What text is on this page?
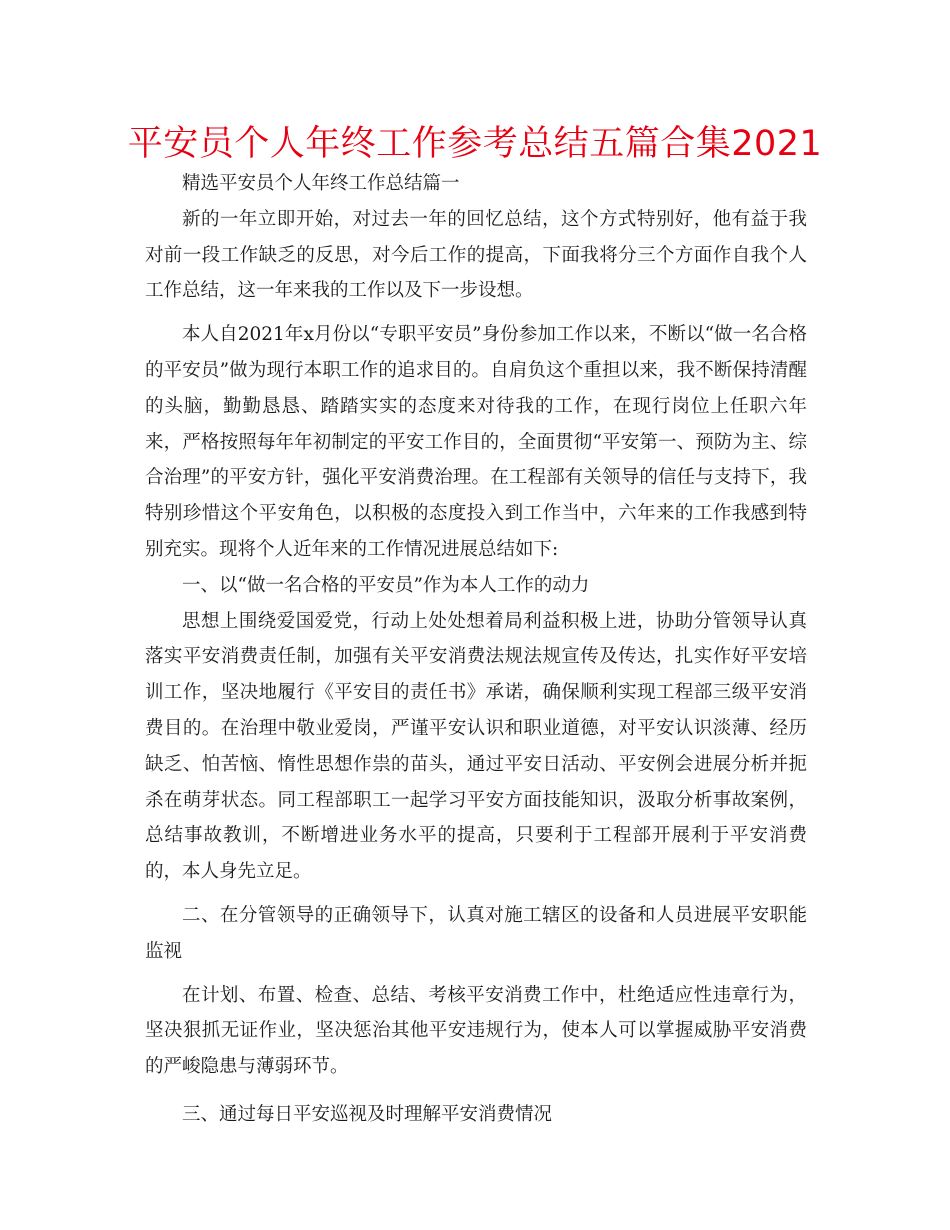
平安员个人年终工作参考总结五篇合集2021

精选平安员个人年终工作总结篇一

新的一年立即开始，对过去一年的回忆总结，这个方式特别好，他有益于我对前一段工作缺乏的反思，对今后工作的提高，下面我将分三个方面作自我个人工作总结，这一年来我的工作以及下一步设想。

本人自2021年x月份以“专职平安员”身份参加工作以来，不断以“做一名合格的平安员”做为现行本职工作的追求目的。自肩负这个重担以来，我不断保持清醒的头脑，勤勤恳恳、踏踏实实的态度来对待我的工作，在现行岗位上任职六年来，严格按照每年年初制定的平安工作目的，全面贯彻“平安第一、预防为主、综合治理”的平安方针，强化平安消费治理。在工程部有关领导的信任与支持下，我特别珍惜这个平安角色，以积极的态度投入到工作当中，六年来的工作我感到特别充实。现将个人近年来的工作情况进展总结如下:

一、以“做一名合格的平安员”作为本人工作的动力

思想上围绕爱国爱党，行动上处处想着局利益积极上进，协助分管领导认真落实平安消费责任制，加强有关平安消费法规法规宣传及传达，扎实作好平安培训工作，坚决地履行《平安目的责任书》承诺，确保顺利实现工程部三级平安消费目的。在治理中敬业爱岗，严谨平安认识和职业道德，对平安认识淡薄、经历缺乏、怕苦恼、惰性思想作祟的苗头，通过平安日活动、平安例会进展分析并扼杀在萌芽状态。同工程部职工一起学习平安方面技能知识，汲取分析事故案例，总结事故教训，不断增进业务水平的提高，只要利于工程部开展利于平安消费的，本人身先立足。

二、在分管领导的正确领导下，认真对施工辖区的设备和人员进展平安职能监视

在计划、布置、检查、总结、考核平安消费工作中，杜绝适应性违章行为，坚决狠抓无证作业，坚决惩治其他平安违规行为，使本人可以掌握威胁平安消费的严峻隐患与薄弱环节。

三、通过每日平安巡视及时理解平安消费情况
